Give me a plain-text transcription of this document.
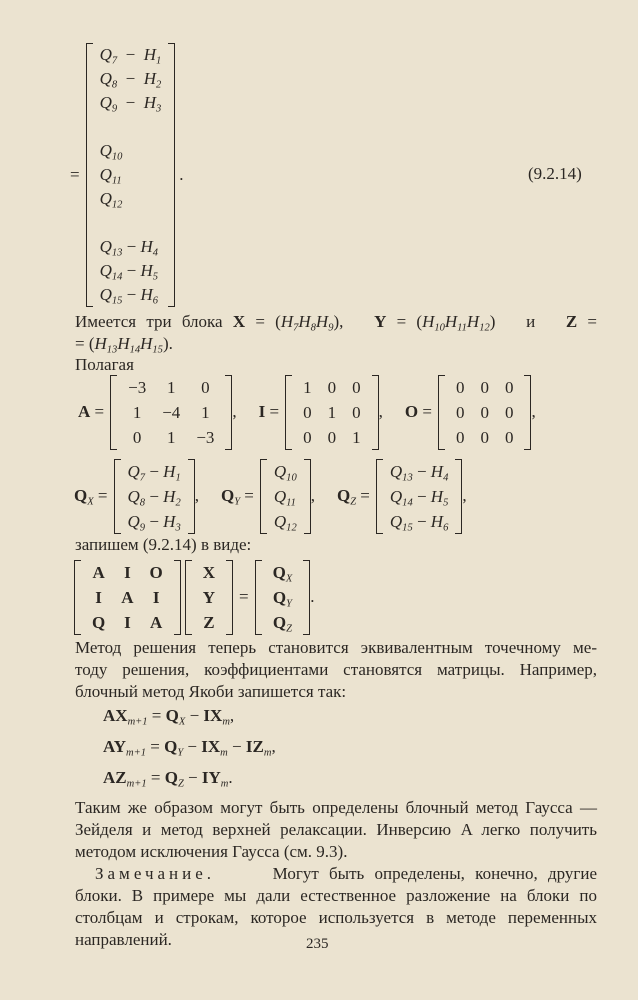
=
$Q_7 - H_1$
$Q_8 - H_2$
$Q_9 - H_3$

$Q_{10}$
$Q_{11}$
$Q_{12}$

$Q_{13} - H_4$
$Q_{14} - H_5$
$Q_{15} - H_6$
.	(9.2.14)
Имеется три блока $X = (H_7H_8H_9)$,   $Y = (H_{10}H_{11}H_{12})$   и   Z =
= $(H_{13}H_{14}H_{15})$.
Полагая
A =
−3	1	0
1	−4	1
0	1	−3
, I =
1	0	0
0	1	0
0	0	1
, O =
0	0	0
0	0	0
0	0	0
,
$Q_X$ =
$Q_7 - H_1$
$Q_8 - H_2$
$Q_9 - H_3$
, $Q_Y$ =
$Q_{10}$
$Q_{11}$
$Q_{12}$
, $Q_Z$ =
$Q_{13} - H_4$
$Q_{14} - H_5$
$Q_{15} - H_6$
,
запишем (9.2.14) в виде:
A	I	O
I	A	I
Q	I	A
X
Y
Z
=
$Q_X$
$Q_Y$
$Q_Z$
.
Метод решения теперь становится эквивалентным точечному ме-
тоду решения, коэффициентами становятся матрицы. Например,
блочный метод Якоби запишется так:
$AX_{m+1} = Q_X - IX_m$,
$AY_{m+1} = Q_Y - IX_m - IZ_m$,
$AZ_{m+1} = Q_Z - IY_m$.
Таким же образом могут быть определены блочный метод Гаусса —
Зейделя и метод верхней релаксации. Инверсию A легко получить
методом исключения Гаусса (см. 9.3).
Замечание.	Могут быть определены, конечно, другие
блоки. В примере мы дали естественное разложение на блоки по
столбцам и строкам, которое используется в методе переменных
направлений.	235
